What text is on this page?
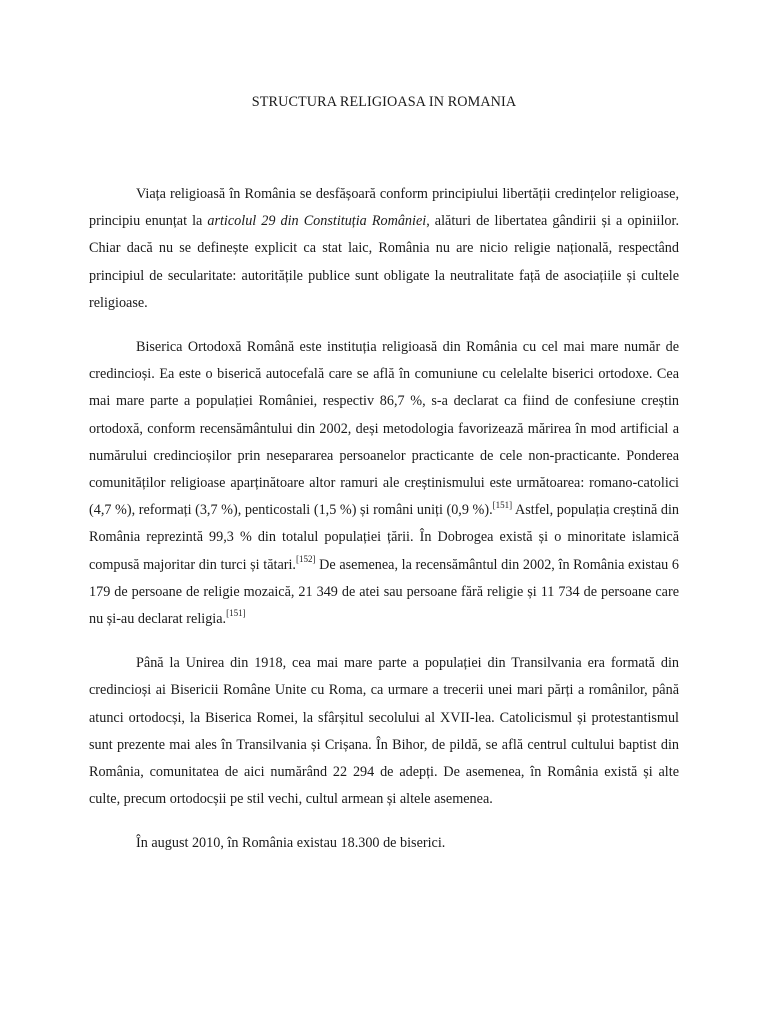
STRUCTURA RELIGIOASA IN ROMANIA

Viața religioasă în România se desfășoară conform principiului libertății credințelor religioase, principiu enunțat la articolul 29 din Constituția României, alături de libertatea gândirii și a opiniilor. Chiar dacă nu se definește explicit ca stat laic, România nu are nicio religie națională, respectând principiul de secularitate: autoritățile publice sunt obligate la neutralitate față de asociațiile și cultele religioase.

Biserica Ortodoxă Română este instituția religioasă din România cu cel mai mare număr de credincioși. Ea este o biserică autocefală care se află în comuniune cu celelalte biserici ortodoxe. Cea mai mare parte a populației României, respectiv 86,7 %, s-a declarat ca fiind de confesiune creștin ortodoxă, conform recensământului din 2002, deși metodologia favorizează mărirea în mod artificial a numărului credincioșilor prin nesepararea persoanelor practicante de cele non-practicante. Ponderea comunităților religioase aparținătoare altor ramuri ale creștinismului este următoarea: romano-catolici (4,7 %), reformați (3,7 %), penticostali (1,5 %) și români uniți (0,9 %).[151] Astfel, populația creștină din România reprezintă 99,3 % din totalul populației țării. În Dobrogea există și o minoritate islamică compusă majoritar din turci și tătari.[152] De asemenea, la recensământul din 2002, în România existau 6 179 de persoane de religie mozaică, 21 349 de atei sau persoane fără religie și 11 734 de persoane care nu și-au declarat religia.[151]

Până la Unirea din 1918, cea mai mare parte a populației din Transilvania era formată din credincioși ai Bisericii Române Unite cu Roma, ca urmare a trecerii unei mari părți a românilor, până atunci ortodocși, la Biserica Romei, la sfârșitul secolului al XVII-lea. Catolicismul și protestantismul sunt prezente mai ales în Transilvania și Crișana. În Bihor, de pildă, se află centrul cultului baptist din România, comunitatea de aici numărând 22 294 de adepți. De asemenea, în România există și alte culte, precum ortodocșii pe stil vechi, cultul armean și altele asemenea.

În august 2010, în România existau 18.300 de biserici.
